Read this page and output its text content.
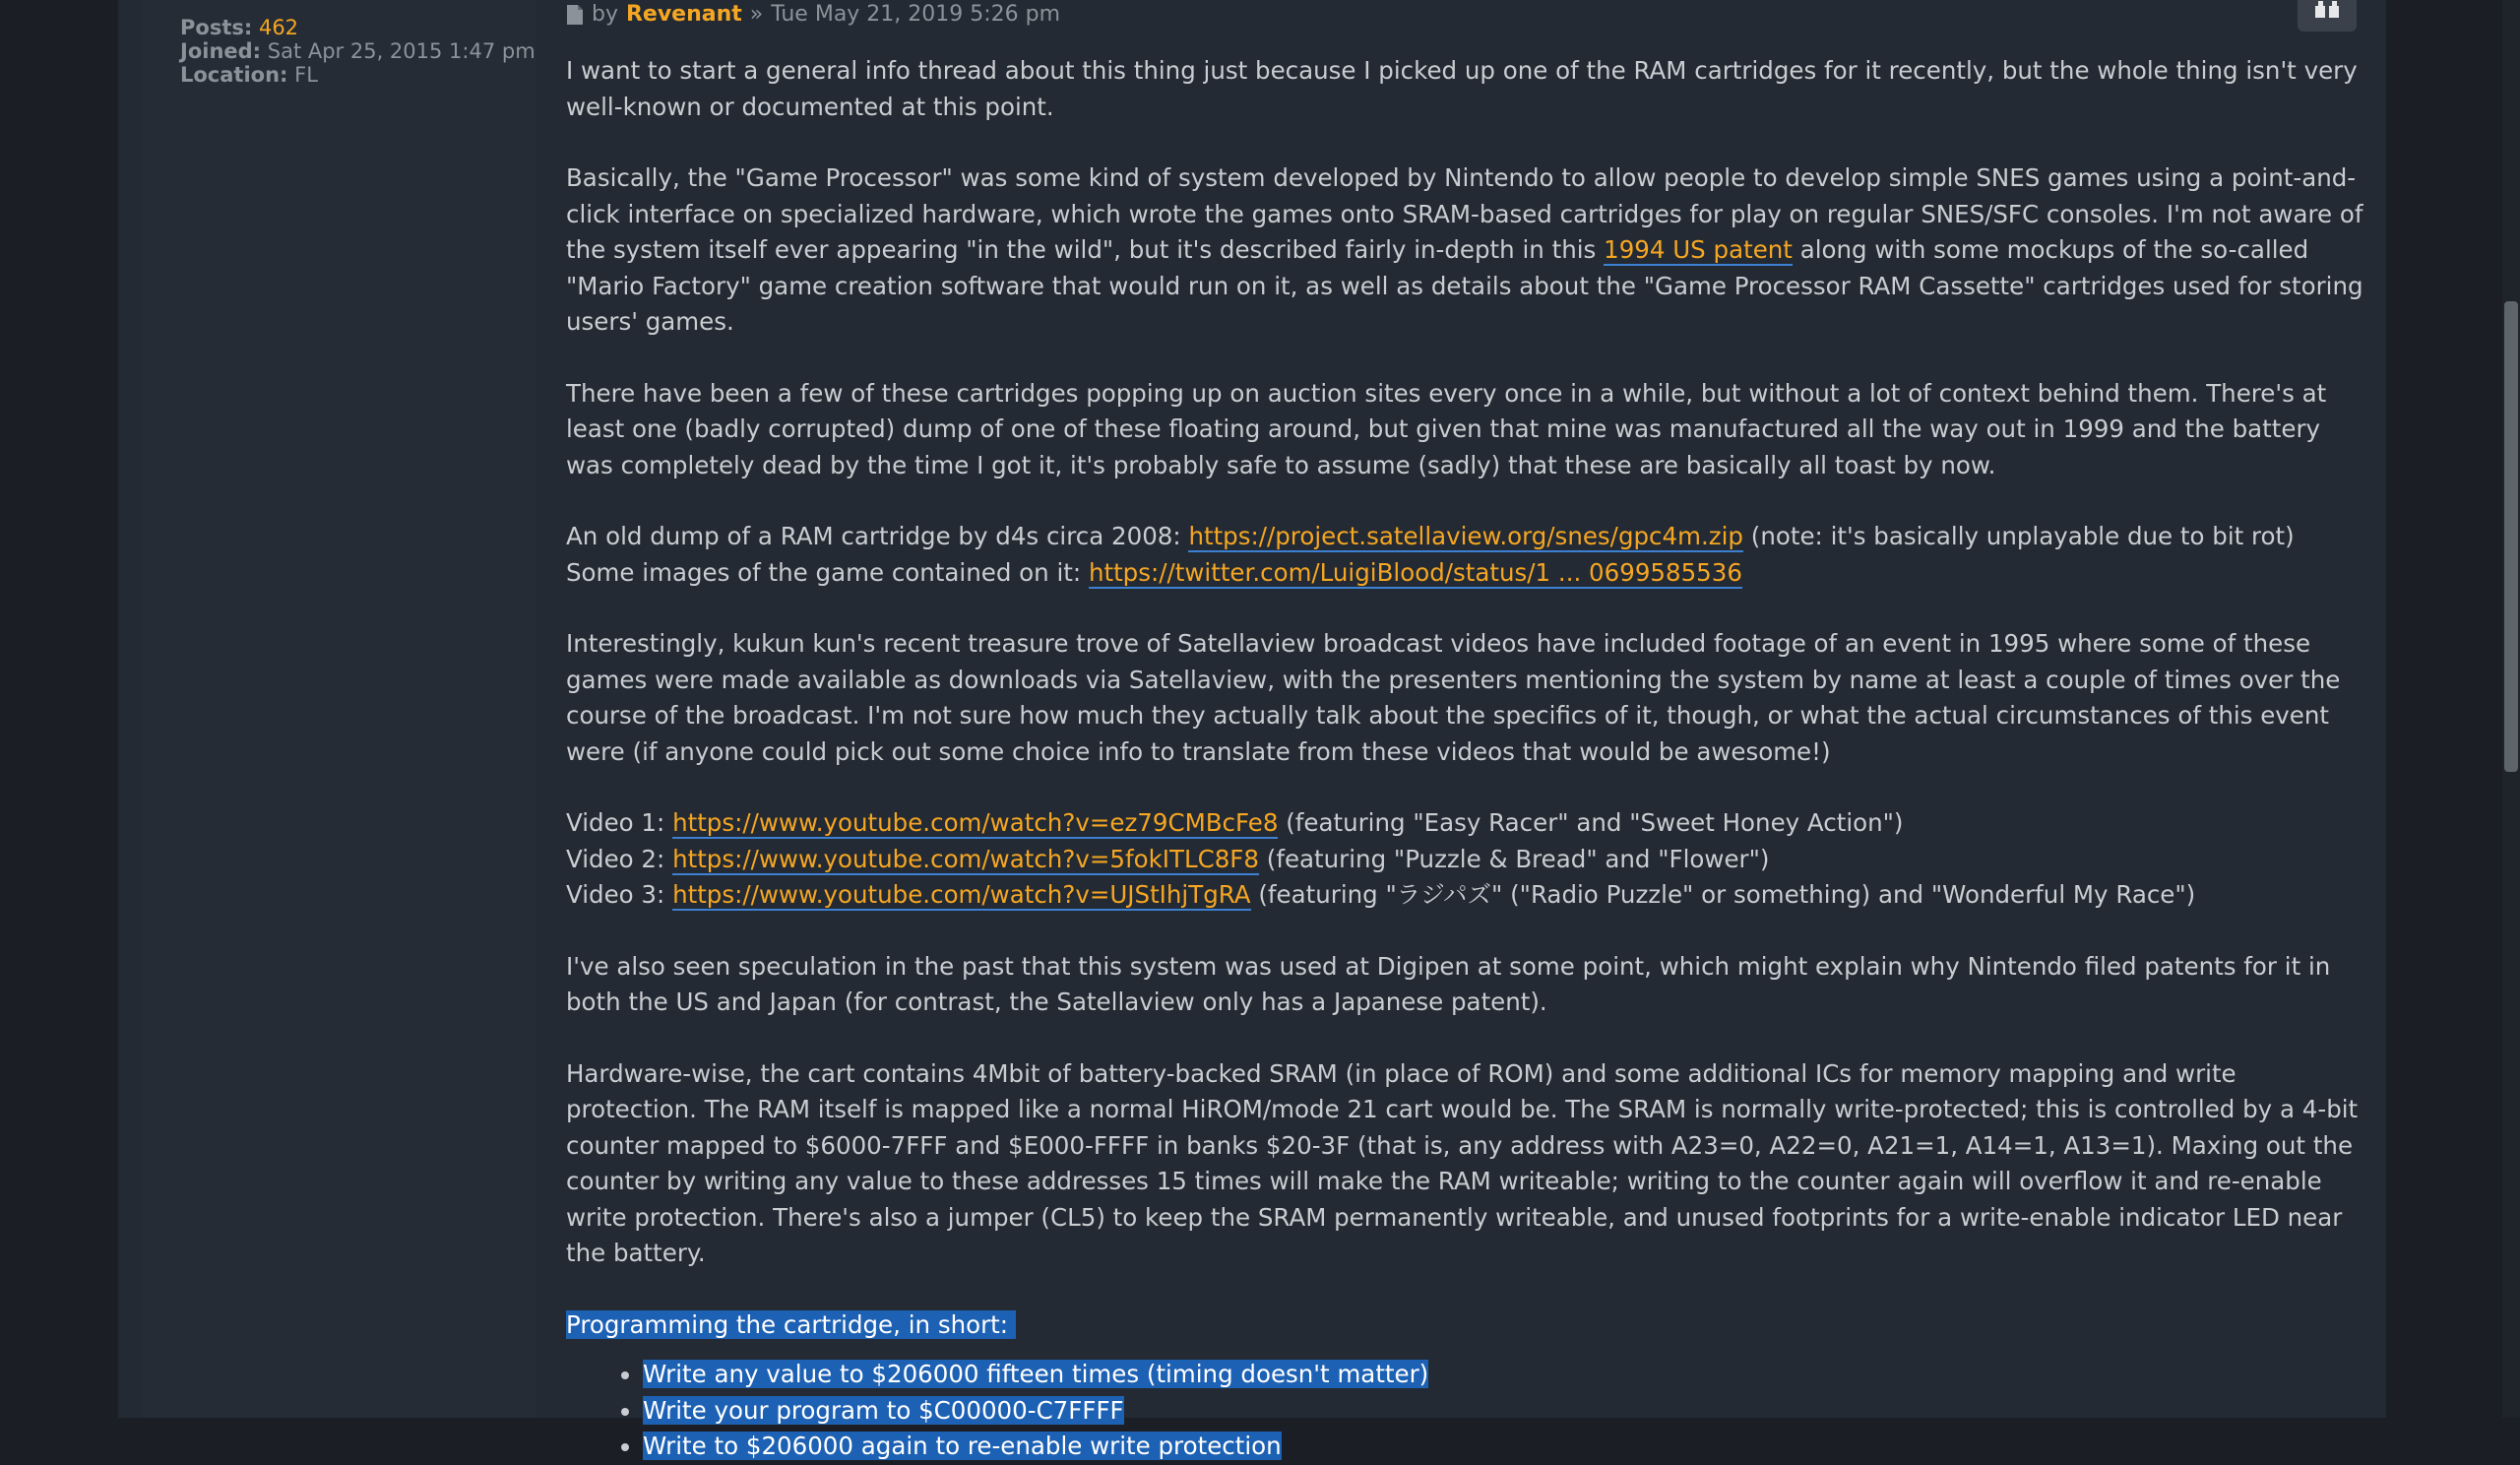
Posts: 462
Joined: Sat Apr 25, 2015 1:47 pm
Location: FL
by Revenant » Tue May 21, 2019 5:26 pm

I want to start a general info thread about this thing just because I picked up one of the RAM cartridges for it recently, but the whole thing isn't very well-known or documented at this point.

Basically, the "Game Processor" was some kind of system developed by Nintendo to allow people to develop simple SNES games using a point-and-click interface on specialized hardware, which wrote the games onto SRAM-based cartridges for play on regular SNES/SFC consoles. I'm not aware of the system itself ever appearing "in the wild", but it's described fairly in-depth in this 1994 US patent along with some mockups of the so-called "Mario Factory" game creation software that would run on it, as well as details about the "Game Processor RAM Cassette" cartridges used for storing users' games.

There have been a few of these cartridges popping up on auction sites every once in a while, but without a lot of context behind them. There's at least one (badly corrupted) dump of one of these floating around, but given that mine was manufactured all the way out in 1999 and the battery was completely dead by the time I got it, it's probably safe to assume (sadly) that these are basically all toast by now.

An old dump of a RAM cartridge by d4s circa 2008: https://project.satellaview.org/snes/gpc4m.zip (note: it's basically unplayable due to bit rot)

Some images of the game contained on it: https://twitter.com/LuigiBlood/status/1 ... 0699585536

Interestingly, kukun kun's recent treasure trove of Satellaview broadcast videos have included footage of an event in 1995 where some of these games were made available as downloads via Satellaview, with the presenters mentioning the system by name at least a couple of times over the course of the broadcast. I'm not sure how much they actually talk about the specifics of it, though, or what the actual circumstances of this event were (if anyone could pick out some choice info to translate from these videos that would be awesome!)

Video 1: https://www.youtube.com/watch?v=ez79CMBcFe8 (featuring "Easy Racer" and "Sweet Honey Action")

Video 2: https://www.youtube.com/watch?v=5fokITLC8F8 (featuring "Puzzle & Bread" and "Flower")

Video 3: https://www.youtube.com/watch?v=UJStIhjTgRA (featuring "ラジパズ" ("Radio Puzzle" or something) and "Wonderful My Race")

I've also seen speculation in the past that this system was used at Digipen at some point, which might explain why Nintendo filed patents for it in both the US and Japan (for contrast, the Satellaview only has a Japanese patent).

Hardware-wise, the cart contains 4Mbit of battery-backed SRAM (in place of ROM) and some additional ICs for memory mapping and write protection. The RAM itself is mapped like a normal HiROM/mode 21 cart would be. The SRAM is normally write-protected; this is controlled by a 4-bit counter mapped to $6000-7FFF and $E000-FFFF in banks $20-3F (that is, any address with A23=0, A22=0, A21=1, A14=1, A13=1). Maxing out the counter by writing any value to these addresses 15 times will make the RAM writeable; writing to the counter again will overflow it and re-enable write protection. There's also a jumper (CL5) to keep the SRAM permanently writeable, and unused footprints for a write-enable indicator LED near the battery.

Programming the cartridge, in short:
• Write any value to $206000 fifteen times (timing doesn't matter)
• Write your program to $C00000-C7FFFF
• Write to $206000 again to re-enable write protection
